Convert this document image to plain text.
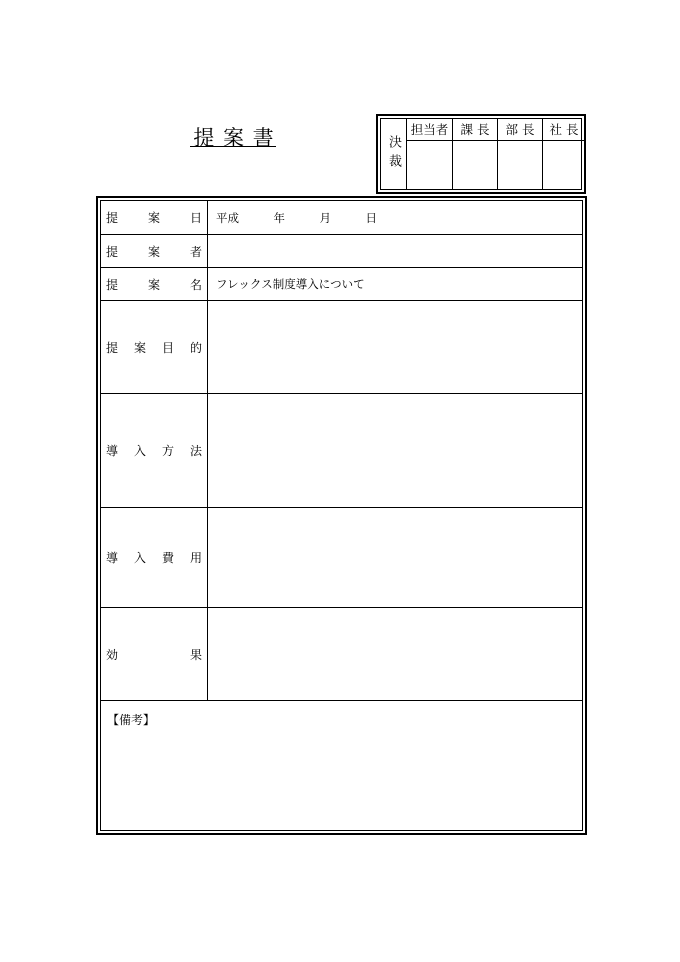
提 案 書	決裁
担当者 課 長	部 長	社 長
提 案 日 平成　　　年　　　月　　　日
提 案 者
提 案 名 フレックス制度導入について
提 案 目 的
導 入 方 法
導 入 費 用
効	果
【備考】
